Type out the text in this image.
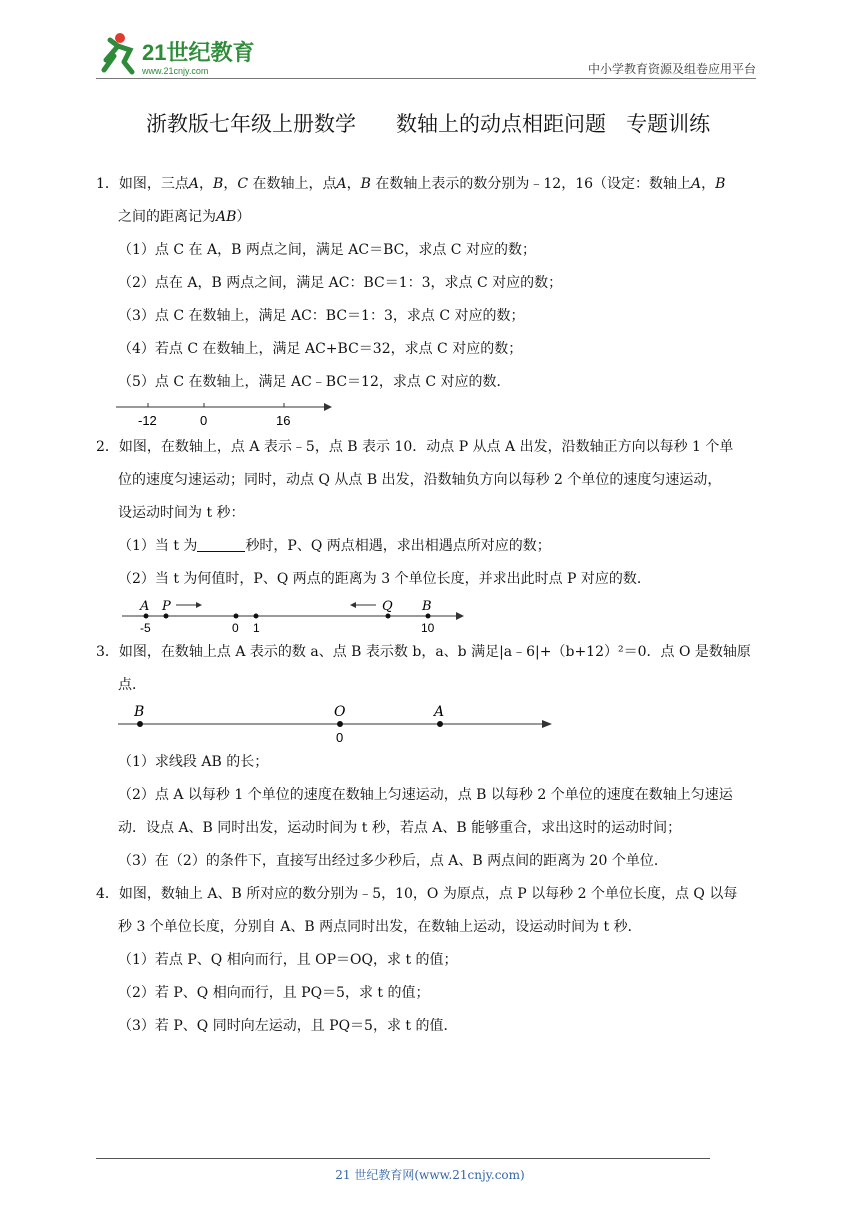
21世纪教育
www.21cnjy.com	中小学教育资源及组卷应用平台
浙教版七年级上册数学      数轴上的动点相距问题   专题训练

1．如图，三点A，B，C 在数轴上，点A，B 在数轴上表示的数分别为﹣12，16（设定：数轴上A，B
之间的距离记为AB）

（1）点 C 在 A，B 两点之间，满足 AC＝BC，求点 C 对应的数；

（2）点在 A，B 两点之间，满足 AC：BC＝1：3，求点 C 对应的数；

（3）点 C 在数轴上，满足 AC：BC＝1：3，求点 C 对应的数；

（4）若点 C 在数轴上，满足 AC+BC＝32，求点 C 对应的数；

（5）点 C 在数轴上，满足 AC﹣BC＝12，求点 C 对应的数．

-12	0	16

2．如图，在数轴上，点 A 表示﹣5，点 B 表示 10．动点 P 从点 A 出发，沿数轴正方向以每秒 1 个单
位的速度匀速运动；同时，动点 Q 从点 B 出发，沿数轴负方向以每秒 2 个单位的速度匀速运动，
设运动时间为 t 秒：

（1）当 t 为	秒时，P、Q 两点相遇，求出相遇点所对应的数；

（2）当 t 为何值时，P、Q 两点的距离为 3 个单位长度，并求出此时点 P 对应的数．

A P	Q B
-5	0 1	10

3．如图，在数轴上点 A 表示的数 a、点 B 表示数 b，a、b 满足|a﹣6|+（b+12）²＝0．点 O 是数轴原
点．

B	O	A
0

（1）求线段 AB 的长；

（2）点 A 以每秒 1 个单位的速度在数轴上匀速运动，点 B 以每秒 2 个单位的速度在数轴上匀速运
动．设点 A、B 同时出发，运动时间为 t 秒，若点 A、B 能够重合，求出这时的运动时间；

（3）在（2）的条件下，直接写出经过多少秒后，点 A、B 两点间的距离为 20 个单位．

4．如图，数轴上 A、B 所对应的数分别为﹣5，10，O 为原点，点 P 以每秒 2 个单位长度，点 Q 以每
秒 3 个单位长度，分别自 A、B 两点同时出发，在数轴上运动，设运动时间为 t 秒．

（1）若点 P、Q 相向而行，且 OP＝OQ，求 t 的值；

（2）若 P、Q 相向而行，且 PQ＝5，求 t 的值；

（3）若 P、Q 同时向左运动，且 PQ＝5，求 t 的值．

21 世纪教育网(www.21cnjy.com)
